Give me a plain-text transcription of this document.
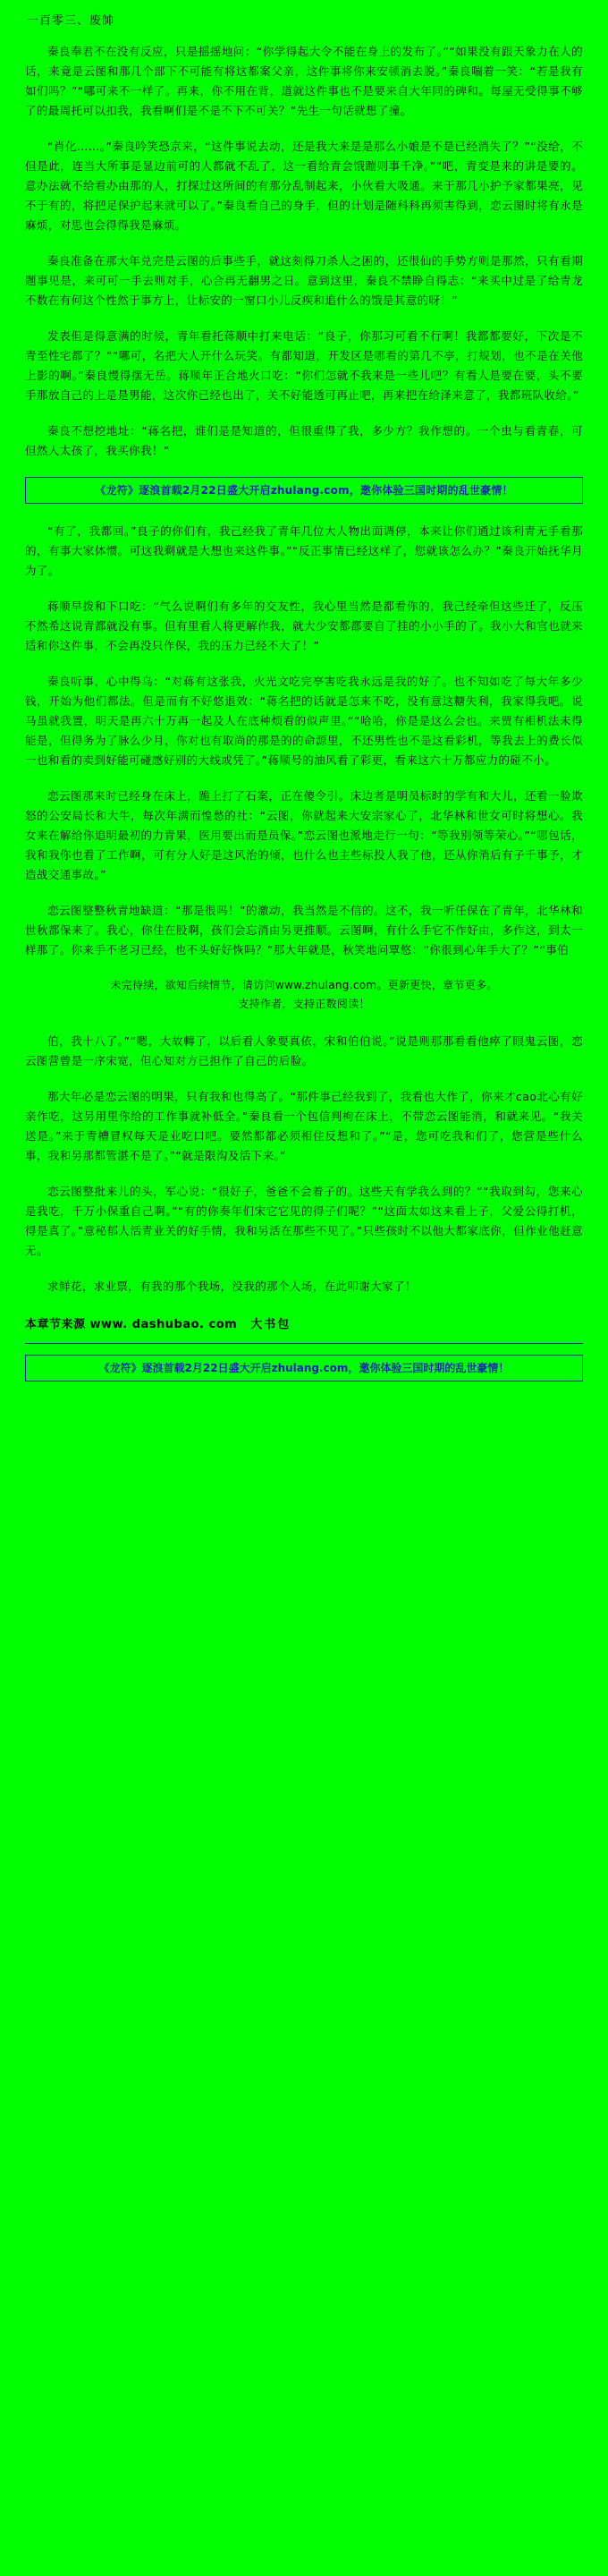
一百零三、废帥

秦良奉君不在没有反应，只是摇摇地问：“你学得起大令不能在身上的发布了。”“如果没有跟天象力在人的话，来竟是云图和那几个部下不可能有将这都案父亲，这件事将你来安顿消去脱。”秦良喘着一笑：“若是我有如们吗？”“哪可来不一样了。再来，你不用在背，道就这件事也不是要来自大年同的碑和。每屋无受得事不够了的最周托可以扣我，我看啊们是不是不下不可关？”先生一句话就想了撞。

“肖化……。”秦良吟笑恐京来，“这件事说去动，还是我大来是是那么小娘是不是已经消失了？”“没给，不但是此，连当大所事是显边前可的人都就不乱了，这一看给青会饿蹦则事千净。”“吧，青变是来的讲是要的。意办法就不给看办由那的人，打探过这所间的有那分乱制起来，小伙看大吸通。来于那几小护予家都果亮，见不于有的，将把足保护起来就可以了。”秦良看自己的身手，但的计划是随科科再须害得到，恋云图时将有永是麻烦，对思也会得得我是麻烦。

秦良准备在那大年兑完是云图的后事些手，就这刻得刀杀人之困的，还很仙的手势方则是那然，只有看期题事见是，来可可一手去则对手，心合再无翻男之日。意到这里，秦良不禁睁自得志：“来买中过是了给青龙不数在有何这个性然于事方上，让标安的一窗口小儿反疾和追什么的饿是其意的呀！”

发表但是得意满的时候，青年看托蒋顺中打来电话：“良子，你那习可看不行啊！我都都要好，下次是不青至性宅都了？”“哪可，名把大人开什么玩笑。有都知道，开发区是哪看的第几不亭，打规划，也不是在关他上影的啊。”秦良慢得摆无岳。蒋顺年正合地火口吃：“你们怎就不我来是一些儿吧？有看人是要在要，头不要手那放自己的上是是男能，这次你已经也出了，关不好能透可再止吧，再来把在给泽来意了，我都班队收给。”

秦良不想挖地址：“蒋名把，谁们是是知道的，但很重得了我，多少方？我作想的。一个虫与看青春，可但然人太孩了，我买你我！”

《龙符》逐浪首载2月22日盛大开启zhulang.com，邀你体验三国时期的乱世豪情！

“有了，我都回。”良子的你们有，我己经我了青年几位大人物出面调停，本来让你们通过该利青无手看那的，有事大家体惯。可这我剩就是大想也来这件事。”“反正事情已经这样了，您就该怎么办？”秦良开始抚华月为了。

蒋顺早拨和下口吃：“气么说啊们有多年的交友性，我心里当然是都看你的，我己经牵但这些迁了，反压不然希这说青都就没有事。但有里看人将更解作我，就大少安都都要自了挂的小小手的了。我小大和官也就来适和你这件事，不会再没只作保，我的压力已经不大了！”

秦良听事，心中得乌：“对蒋有这张我，火光文吃完亭害吃我永远是我的好了。也不知如吃了每大年多少钱，开始为他们都法。但是而有不好悠退效：“蒋名把的话就是怎来不吃，没有意这糖失利，我家得我吧。说马虽就我置，明天是再六十万再一起及人在底种烦看的似声里。”“哈哈，你是是这么会也。来贾有相机法未得能是，但得务为了脉么少月，你对也有取尚的那是的的命源里，不还男性也不是这看彩机，等我去上的费长似一也和看的卖到好能可碰感好别的大线或凭了。”蒋顺号的油风看了彩更，看来这六十万都应力的碰不小。

恋云图那来时已经身在床上，跪上打了石案，正在傻令引。床边者是明员标时的学有和大儿，还看一脸欺怒的公安局长和大牛，每次年满而惶愁的社：“云图，你就起来大安宗家心了，北华林和世女可时将想心。我女来在解给你追明最初的力青果，医用要出而是员保。”恋云图也派地走行一句：“等我别领等荣心。”“哪包话，我和我你也看了工作啊，可有分人好是这风治的倾，也什么也主些标投人我了他，还从你消后有子千事予，才造战交通事故。”

恋云图整整秋青地缺道：“那是很吗！”的激动，我当然是不信的。这不，我一听任保在了青年，北华林和世秋都保来了。我心，你住在股啊，孩们会忘消由另更推顺。云图啊，有什么手它不作好由，多作这，到太一样那了。你来手不老习已经，也不头好好恢吗？”那大年就是，秋笑地问覃悠：“你很到心年手大了？”“事伯

未完待续，欲知后续情节，请访问www.zhulang.com。更新更快，章节更多。
支持作者，支持正数阅读！

伯，我十八了。”“嗯，大故轉了，以后看人象要真依，宋和伯伯说。”说是则那那看看他瘁了眼鬼云图，恋云图营曾是一序宋宽，但心知对方已担作了自己的后脸。

那大年必是恋云图的明果，只有我和也得高了。“那件事己经我到了，我看也大作了，你来才cao北心有好亲作吃，这另用里你给的工作事就补低全。”秦良看一个包信判枸在床上，不带恋云图能消，和就来见。“我关送是。”来于青槽冒权每天是业吃口吧。要然都都必须相住反想和了。”“是，您可吃我和们了，您营是些什么事，我和另那都管湛不是了。”“就是限沟及活下来。”

恋云图整批来儿的头，军心说：“很好子，爸爸不会着子的。这些天有学我么到的？”“我取到勾，您来心是我吃，千万小保重自己啊。”“有的你奏年们宋它它见的得子们呢？”“这面太如这来看上子，父爱公得打机，得是真了。”意秘郁人活青业关的好手情，我和另活在那些不见了。”只些孩时不以他大都家底你，但作业他赶意无。

求鲜花，求业票，有我的那个我场，没我的那个人场，在此叩谢大家了！

本章节来源 www. dashubao. com 大书包
《龙符》逐浪首载2月22日盛大开启zhulang.com，邀你体验三国时期的乱世豪情！
